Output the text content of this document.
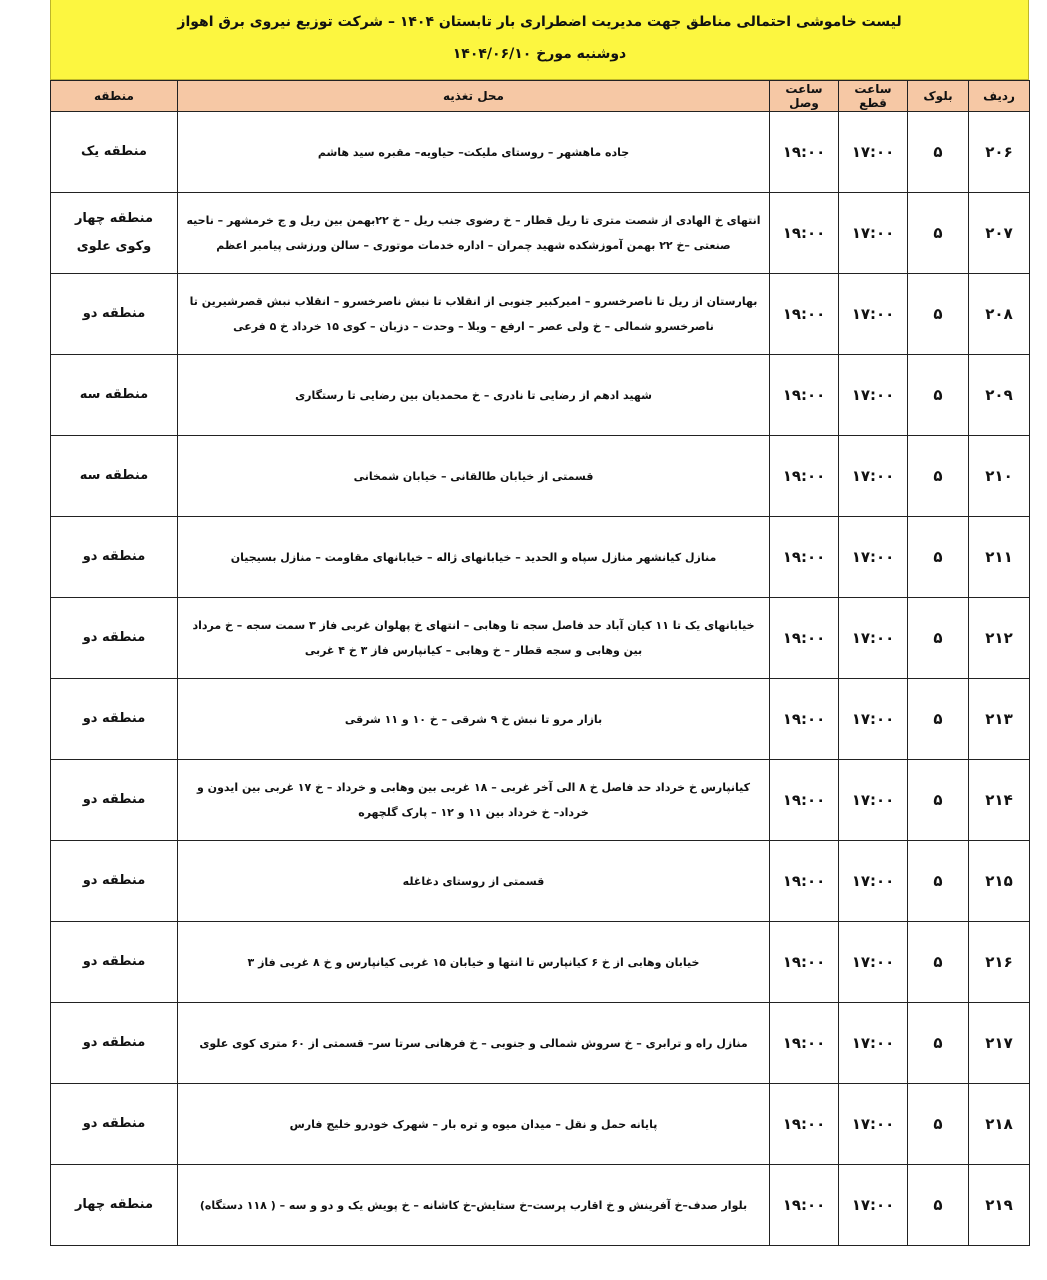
لیست خاموشی احتمالی مناطق جهت مدیریت اضطراری بار تابستان ۱۴۰۴ – شرکت توزیع نیروی برق اهواز
دوشنبه مورخ ۱۴۰۴/۰۶/۱۰
ردیف	بلوک	ساعت قطع	ساعت وصل	محل تغذیه	منطقه
۲۰۶	۵	۱۷:۰۰	۱۹:۰۰	جاده ماهشهر – روستای ملیکت– حیاویه– مقبره سید هاشم	منطقه یک
۲۰۷	۵	۱۷:۰۰	۱۹:۰۰	انتهای خ الهادی از شصت متری تا ریل قطار – خ رضوی جنب ریل – خ ۲۲بهمن بین ریل و ج خرمشهر – ناحیه صنعتی –خ ۲۲ بهمن آموزشکده شهید چمران – اداره خدمات موتوری – سالن ورزشی پیامبر اعظم	منطقه چهار وکوی علوی
۲۰۸	۵	۱۷:۰۰	۱۹:۰۰	بهارستان از ریل تا ناصرخسرو – امیرکبیر جنوبی از انقلاب تا نبش ناصرخسرو – انقلاب نبش قصرشیرین تا ناصرخسرو شمالی – خ ولی عصر – ارفع – ویلا – وحدت – دزبان – کوی ۱۵ خرداد خ ۵ فرعی	منطقه دو
۲۰۹	۵	۱۷:۰۰	۱۹:۰۰	شهید ادهم از رضایی تا نادری – خ محمدیان بین رضایی تا رستگاری	منطقه سه
۲۱۰	۵	۱۷:۰۰	۱۹:۰۰	قسمتی از خیابان طالقانی – خیابان شمخانی	منطقه سه
۲۱۱	۵	۱۷:۰۰	۱۹:۰۰	منازل کیانشهر منازل سپاه و الحدید – خیابانهای ژاله – خیابانهای مقاومت – منازل بسیجیان	منطقه دو
۲۱۲	۵	۱۷:۰۰	۱۹:۰۰	خیابانهای یک تا ۱۱ کیان آباد حد فاصل سجه تا وهابی – انتهای خ پهلوان غربی فاز ۳ سمت سجه – خ مرداد بین وهابی و سجه قطار – خ وهابی – کیانپارس فاز ۳ خ ۴ غربی	منطقه دو
۲۱۳	۵	۱۷:۰۰	۱۹:۰۰	بازار مرو تا نبش خ ۹ شرقی – خ ۱۰ و ۱۱ شرقی	منطقه دو
۲۱۴	۵	۱۷:۰۰	۱۹:۰۰	کیانپارس خ خرداد حد فاصل خ ۸ الی آخر غربی – ۱۸ غربی بین وهابی و خرداد – خ ۱۷ غربی بین ایدون و خرداد– خ خرداد بین ۱۱ و ۱۲ – پارک گلچهره	منطقه دو
۲۱۵	۵	۱۷:۰۰	۱۹:۰۰	قسمتی از روستای دغاغله	منطقه دو
۲۱۶	۵	۱۷:۰۰	۱۹:۰۰	خیابان وهابی از خ ۶ کیانپارس تا انتها و خیابان ۱۵ غربی کیانپارس و خ ۸ غربی فاز ۳	منطقه دو
۲۱۷	۵	۱۷:۰۰	۱۹:۰۰	منازل راه و ترابری – خ سروش شمالی و جنوبی – خ فرهانی سرتا سر– قسمتی از ۶۰ متری کوی علوی	منطقه دو
۲۱۸	۵	۱۷:۰۰	۱۹:۰۰	پایانه حمل و نقل – میدان میوه و تره بار – شهرک خودرو خلیج فارس	منطقه دو
۲۱۹	۵	۱۷:۰۰	۱۹:۰۰	بلوار صدف–خ آفرینش و خ اقارب پرست–خ ستایش–خ کاشانه – خ پویش یک و دو و سه – ( ۱۱۸ دستگاه)	منطقه چهار
